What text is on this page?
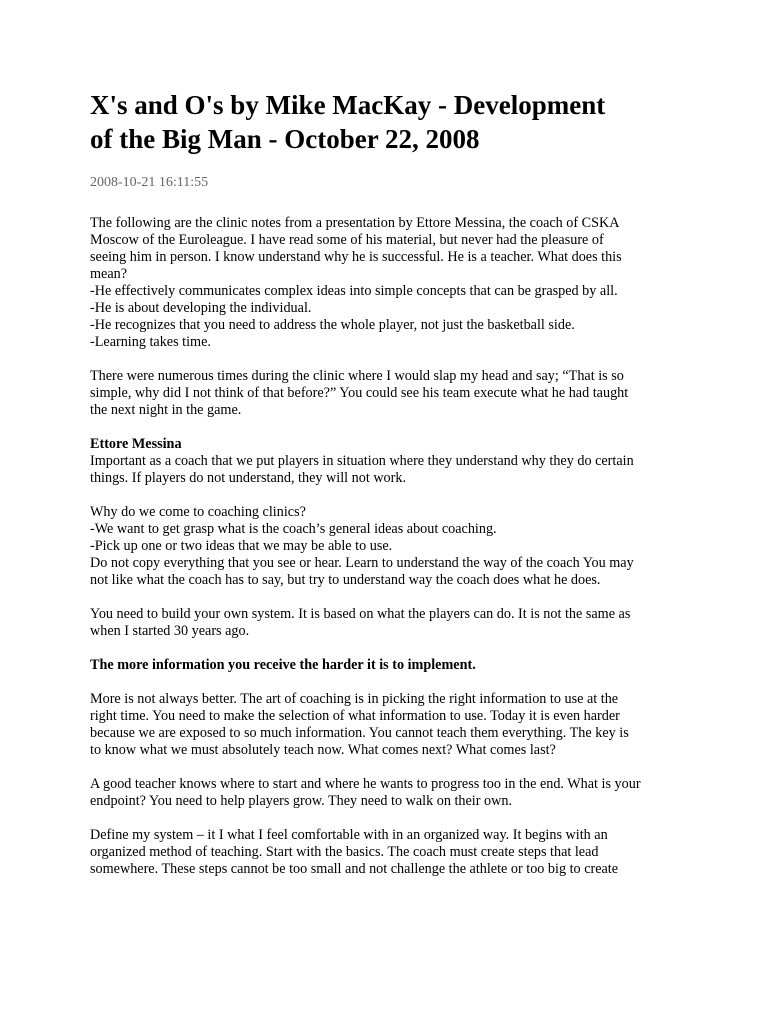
X's and O's by Mike MacKay - Development
of the Big Man - October 22, 2008
2008-10-21 16:11:55

The following are the clinic notes from a presentation by Ettore Messina, the coach of CSKA
Moscow of the Euroleague. I have read some of his material, but never had the pleasure of
seeing him in person. I know understand why he is successful. He is a teacher. What does this
mean?
-He effectively communicates complex ideas into simple concepts that can be grasped by all.
-He is about developing the individual.
-He recognizes that you need to address the whole player, not just the basketball side.
-Learning takes time.

There were numerous times during the clinic where I would slap my head and say; “That is so
simple, why did I not think of that before?” You could see his team execute what he had taught
the next night in the game.

Ettore Messina
Important as a coach that we put players in situation where they understand why they do certain
things. If players do not understand, they will not work.

Why do we come to coaching clinics?
-We want to get grasp what is the coach’s general ideas about coaching.
-Pick up one or two ideas that we may be able to use.
Do not copy everything that you see or hear. Learn to understand the way of the coach You may
not like what the coach has to say, but try to understand way the coach does what he does.

You need to build your own system. It is based on what the players can do. It is not the same as
when I started 30 years ago.

The more information you receive the harder it is to implement.

More is not always better. The art of coaching is in picking the right information to use at the
right time. You need to make the selection of what information to use. Today it is even harder
because we are exposed to so much information. You cannot teach them everything. The key is
to know what we must absolutely teach now. What comes next? What comes last?

A good teacher knows where to start and where he wants to progress too in the end. What is your
endpoint? You need to help players grow. They need to walk on their own.

Define my system – it I what I feel comfortable with in an organized way. It begins with an
organized method of teaching. Start with the basics. The coach must create steps that lead
somewhere. These steps cannot be too small and not challenge the athlete or too big to create
